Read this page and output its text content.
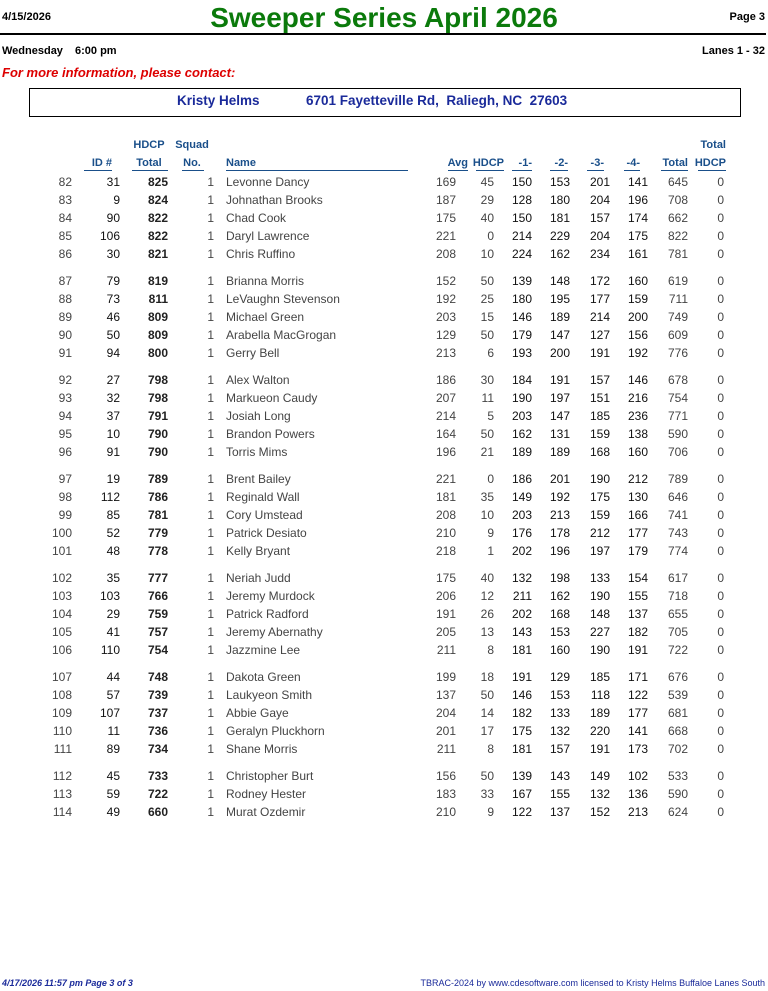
4/15/2026	Sweeper Series April 2026	Page 3
Wednesday 6:00 pm	Lanes 1 - 32
For more information, please contact:
Kristy Helms	6701 Fayetteville Rd,  Raliegh, NC  27603
ID #
HDCP
Total
Squad
No.	Name	Avg HDCP	-1-	-2-	-3-	-4-	Total
Total
HDCP
82	31	825	1 Levonne Dancy	169	45	150	153	201	141	645	0
83	9	824	1 Johnathan Brooks	187	29	128	180	204	196	708	0
84	90	822	1 Chad Cook	175	40	150	181	157	174	662	0
85	106	822	1 Daryl Lawrence	221	0	214	229	204	175	822	0
86	30	821	1 Chris Ruffino	208	10	224	162	234	161	781	0
87	79	819	1 Brianna Morris	152	50	139	148	172	160	619	0
88	73	811	1 LeVaughn Stevenson	192	25	180	195	177	159	711	0
89	46	809	1 Michael Green	203	15	146	189	214	200	749	0
90	50	809	1 Arabella MacGrogan	129	50	179	147	127	156	609	0
91	94	800	1 Gerry Bell	213	6	193	200	191	192	776	0
92	27	798	1 Alex Walton	186	30	184	191	157	146	678	0
93	32	798	1 Markueon Caudy	207	11	190	197	151	216	754	0
94	37	791	1 Josiah Long	214	5	203	147	185	236	771	0
95	10	790	1 Brandon Powers	164	50	162	131	159	138	590	0
96	91	790	1 Torris Mims	196	21	189	189	168	160	706	0
97	19	789	1 Brent Bailey	221	0	186	201	190	212	789	0
98	112	786	1 Reginald Wall	181	35	149	192	175	130	646	0
99	85	781	1 Cory Umstead	208	10	203	213	159	166	741	0
100	52	779	1 Patrick Desiato	210	9	176	178	212	177	743	0
101	48	778	1 Kelly Bryant	218	1	202	196	197	179	774	0
102	35	777	1 Neriah Judd	175	40	132	198	133	154	617	0
103	103	766	1 Jeremy Murdock	206	12	211	162	190	155	718	0
104	29	759	1 Patrick Radford	191	26	202	168	148	137	655	0
105	41	757	1 Jeremy Abernathy	205	13	143	153	227	182	705	0
106	110	754	1 Jazzmine Lee	211	8	181	160	190	191	722	0
107	44	748	1 Dakota Green	199	18	191	129	185	171	676	0
108	57	739	1 Laukyeon Smith	137	50	146	153	118	122	539	0
109	107	737	1 Abbie Gaye	204	14	182	133	189	177	681	0
110	11	736	1 Geralyn Pluckhorn	201	17	175	132	220	141	668	0
111	89	734	1 Shane Morris	211	8	181	157	191	173	702	0
112	45	733	1 Christopher Burt	156	50	139	143	149	102	533	0
113	59	722	1 Rodney Hester	183	33	167	155	132	136	590	0
114	49	660	1 Murat Ozdemir	210	9	122	137	152	213	624	0
4/17/2026 11:57 pm Page 3 of 3	TBRAC-2024 by www.cdesoftware.com licensed to Kristy Helms Buffaloe Lanes South
